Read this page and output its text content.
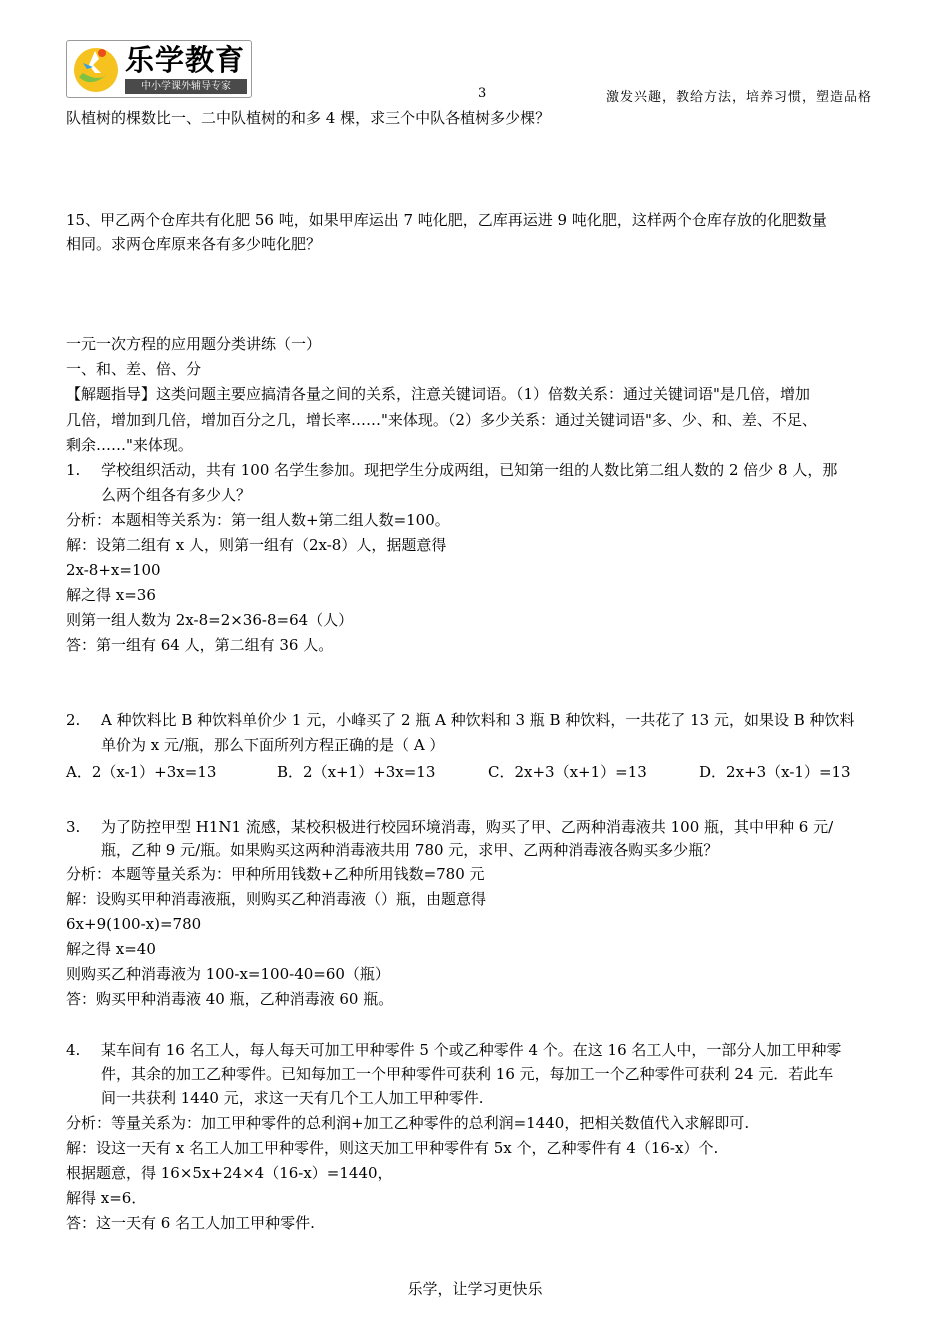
乐学教育
中小学课外辅导专家	3	激发兴趣，教给方法，培养习惯，塑造品格
队植树的棵数比一、二中队植树的和多 4 棵，求三个中队各植树多少棵？
15、甲乙两个仓库共有化肥 56 吨，如果甲库运出 7 吨化肥，乙库再运进 9 吨化肥，这样两个仓库存放的化肥数量
相同。求两仓库原来各有多少吨化肥？
一元一次方程的应用题分类讲练（一）
一、和、差、倍、分
【解题指导】这类问题主要应搞清各量之间的关系，注意关键词语。（1）倍数关系：通过关键词语"是几倍，增加
几倍，增加到几倍，增加百分之几，增长率……"来体现。（2）多少关系：通过关键词语"多、少、和、差、不足、
剩余……"来体现。
1. 学校组织活动，共有 100 名学生参加。现把学生分成两组，已知第一组的人数比第二组人数的 2 倍少 8 人，那
么两个组各有多少人？
分析：本题相等关系为：第一组人数+第二组人数=100。
解：设第二组有 x 人，则第一组有（2x-8）人，据题意得
2x-8+x=100
解之得 x=36
则第一组人数为 2x-8=2×36-8=64（人）
答：第一组有 64 人，第二组有 36 人。
2. A 种饮料比 B 种饮料单价少 1 元，小峰买了 2 瓶 A 种饮料和 3 瓶 B 种饮料，一共花了 13 元，如果设 B 种饮料
单价为 x 元/瓶，那么下面所列方程正确的是（ A ）
A．2（x-1）+3x=13	B．2（x+1）+3x=13	C．2x+3（x+1）=13	D．2x+3（x-1）=13
3. 为了防控甲型 H1N1 流感，某校积极进行校园环境消毒，购买了甲、乙两种消毒液共 100 瓶，其中甲种 6 元/
瓶，乙种 9 元/瓶。如果购买这两种消毒液共用 780 元，求甲、乙两种消毒液各购买多少瓶？
分析：本题等量关系为：甲种所用钱数+乙种所用钱数=780 元
解：设购买甲种消毒液瓶，则购买乙种消毒液（）瓶，由题意得
6x+9(100-x)=780
解之得 x=40
则购买乙种消毒液为 100-x=100-40=60（瓶）
答：购买甲种消毒液 40 瓶，乙种消毒液 60 瓶。
4. 某车间有 16 名工人，每人每天可加工甲种零件 5 个或乙种零件 4 个。在这 16 名工人中，一部分人加工甲种零
件，其余的加工乙种零件。已知每加工一个甲种零件可获利 16 元，每加工一个乙种零件可获利 24 元．若此车
间一共获利 1440 元，求这一天有几个工人加工甲种零件.
分析：等量关系为：加工甲种零件的总利润+加工乙种零件的总利润=1440，把相关数值代入求解即可.
解：设这一天有 x 名工人加工甲种零件，则这天加工甲种零件有 5x 个，乙种零件有 4（16-x）个.
根据题意，得 16×5x+24×4（16-x）=1440，
解得 x=6．
答：这一天有 6 名工人加工甲种零件.
乐学，让学习更快乐
